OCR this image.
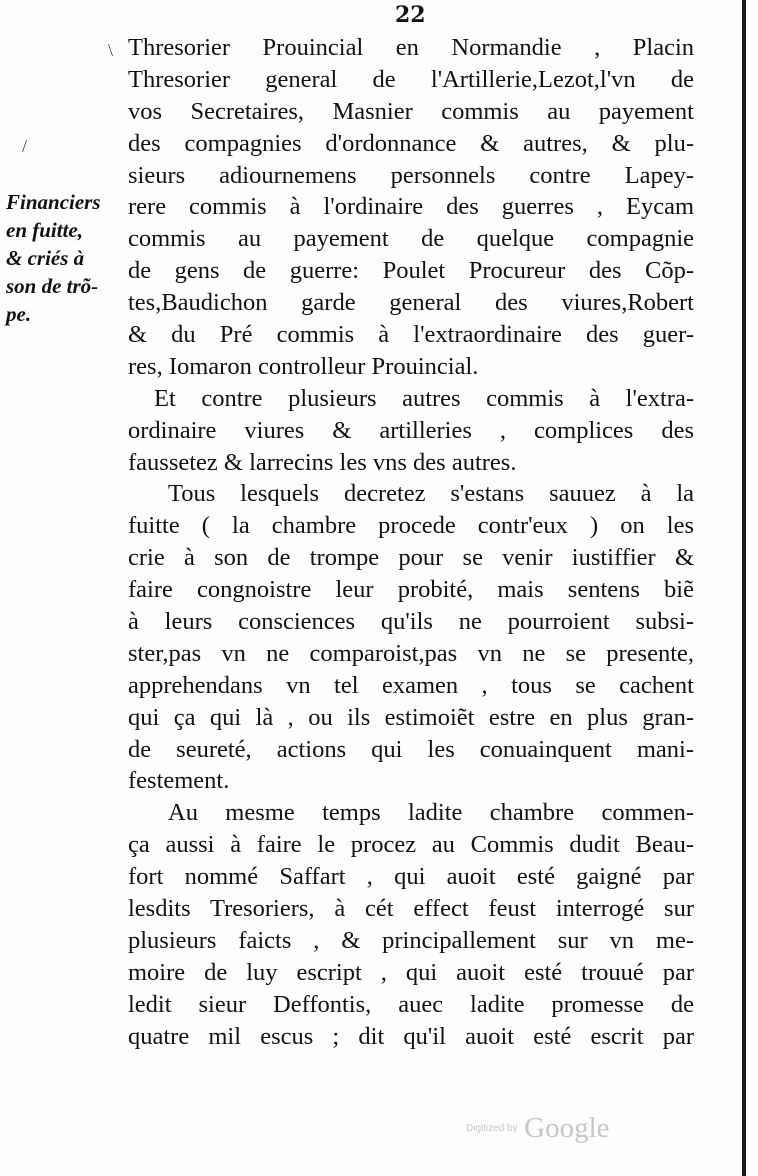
22
Financiers
en fuitte,
& criés à
son de trõ-
pe.
\
/
Thresorier Prouincial en Normandie , Placin
Thresorier general de l'Artillerie,Lezot,l'vn de
vos Secretaires, Masnier commis au payement
des compagnies d'ordonnance & autres, & plu-
sieurs adiournemens personnels contre Lapey-
rere commis à l'ordinaire des guerres , Eycam
commis au payement de quelque compagnie
de gens de guerre: Poulet Procureur des Cõp-
tes,Baudichon garde general des viures,Robert
& du Pré commis à l'extraordinaire des guer-
res, Iomaron controlleur Prouincial.
Et contre plusieurs autres commis à l'extra-
ordinaire viures & artilleries , complices des
faussetez & larrecins les vns des autres.
Tous lesquels decretez s'estans sauuez à la
fuitte ( la chambre procede contr'eux ) on les
crie à son de trompe pour se venir iustiffier &
faire congnoistre leur probité, mais sentens biẽ
à leurs consciences qu'ils ne pourroient subsi-
ster,pas vn ne comparoist,pas vn ne se presente,
apprehendans vn tel examen , tous se cachent
qui ça qui là , ou ils estimoiẽt estre en plus gran-
de seureté, actions qui les conuainquent mani-
festement.
Au mesme temps ladite chambre commen-
ça aussi à faire le procez au Commis dudit Beau-
fort nommé Saffart , qui auoit esté gaigné par
lesdits Tresoriers, à cét effect feust interrogé sur
plusieurs faicts , & principallement sur vn me-
moire de luy escript , qui auoit esté trouué par
ledit sieur Deffontis, auec ladite promesse de
quatre mil escus ; dit qu'il auoit esté escrit par
Digitized by Google
